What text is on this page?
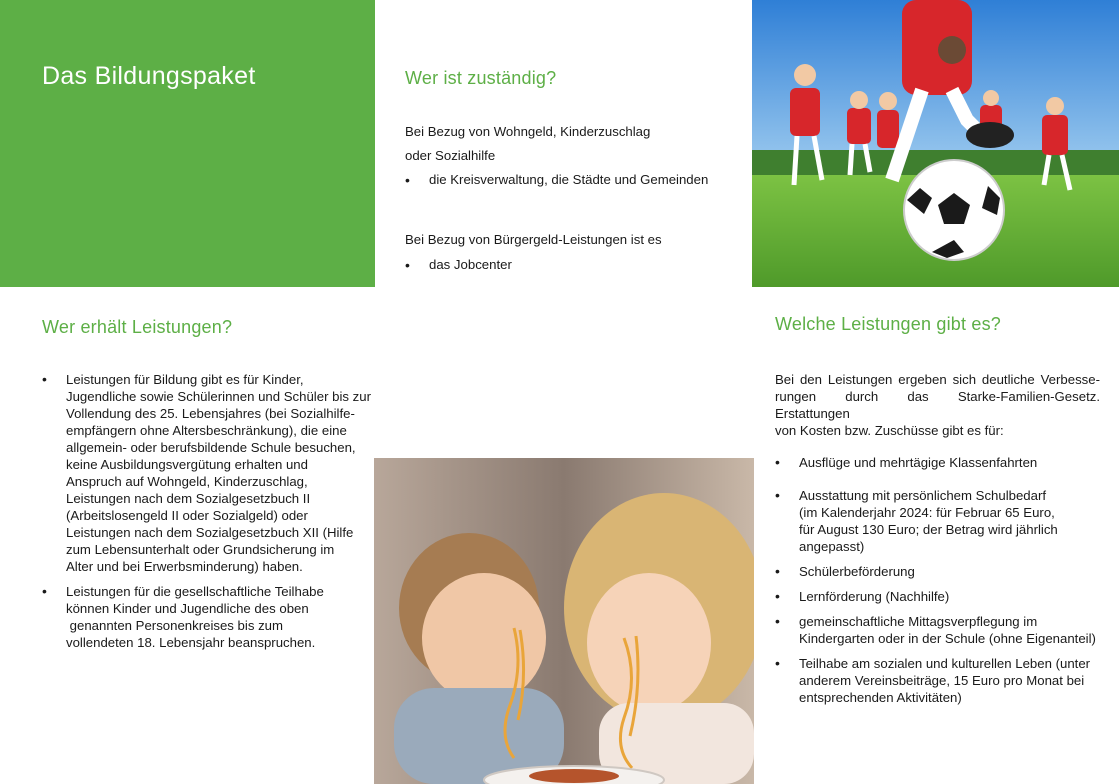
Das Bildungspaket	Wer ist zuständig?
Bei Bezug von Wohngeld, Kinderzuschlag
oder Sozialhilfe
• die Kreisverwaltung, die Städte und Gemeinden
Bei Bezug von Bürgergeld-Leistungen ist es
• das Jobcenter
Wer erhält Leistungen?
• Leistungen für Bildung gibt es für Kinder,
Jugendliche sowie Schülerinnen und Schüler bis zur
Vollendung des 25. Lebensjahres (bei Sozialhilfe-
empfängern ohne Altersbeschränkung), die eine
allgemein- oder berufsbildende Schule besuchen,
keine Ausbildungsvergütung erhalten und
Anspruch auf Wohngeld, Kinderzuschlag,
Leistungen nach dem Sozialgesetzbuch II
(Arbeitslosengeld II oder Sozialgeld) oder
Leistungen nach dem Sozialgesetzbuch XII (Hilfe
zum Lebensunterhalt oder Grundsicherung im
Alter und bei Erwerbsminderung) haben.
• Leistungen für die gesellschaftliche Teilhabe
können Kinder und Jugendliche des oben
genannten Personenkreises bis zum
vollendeten 18. Lebensjahr beanspruchen.
Welche Leistungen gibt es?
Bei den Leistungen ergeben sich deutliche Verbesse-
rungen durch das Starke-Familien-Gesetz. Erstattungen
von Kosten bzw. Zuschüsse gibt es für:
• Ausflüge und mehrtägige Klassenfahrten
• Ausstattung mit persönlichem Schulbedarf
(im Kalenderjahr 2024: für Februar 65 Euro,
für August 130 Euro; der Betrag wird jährlich
angepasst)
• Schülerbeförderung
• Lernförderung (Nachhilfe)
• gemeinschaftliche Mittagsverpflegung im
Kindergarten oder in der Schule (ohne Eigenanteil)
• Teilhabe am sozialen und kulturellen Leben (unter
anderem Vereinsbeiträge, 15 Euro pro Monat bei
entsprechenden Aktivitäten)
